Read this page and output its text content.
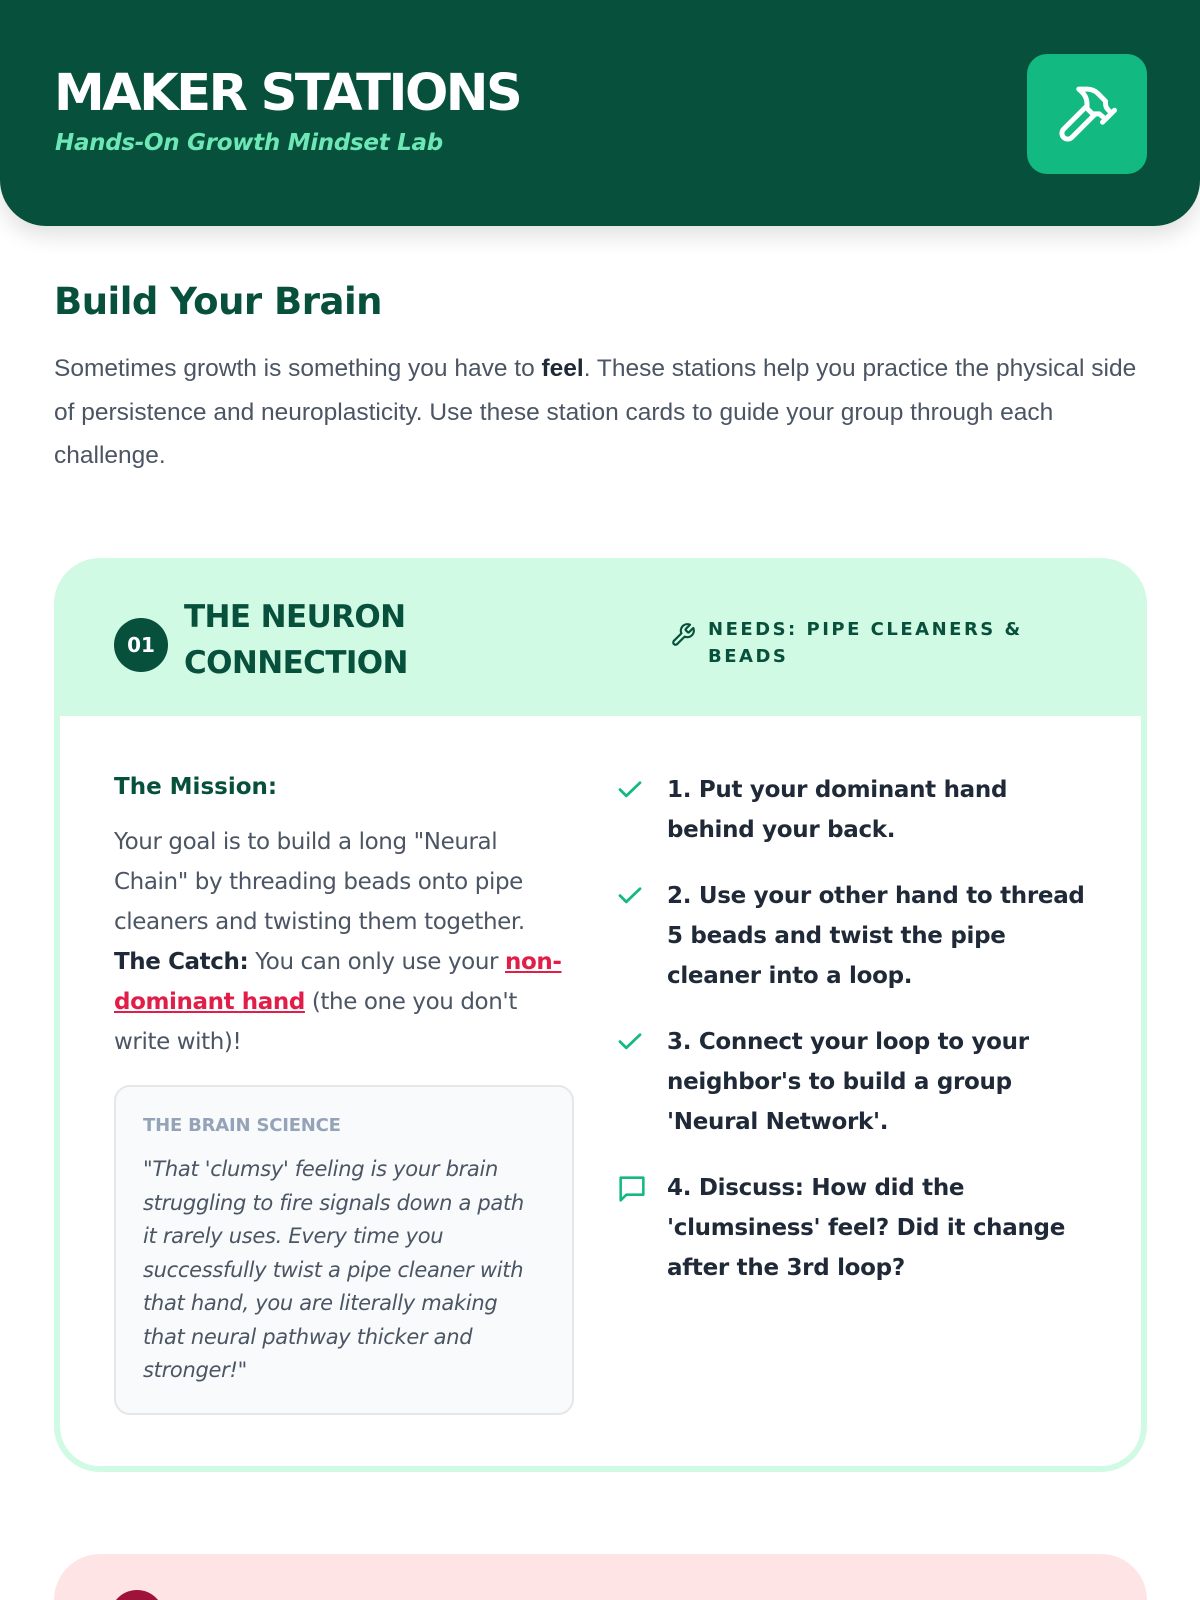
MAKER STATIONS
Hands-On Growth Mindset Lab
Build Your Brain

Sometimes growth is something you have to feel. These stations help you practice the physical side of persistence and neuroplasticity. Use these station cards to guide your group through each challenge.

01
THE NEURON CONNECTION
NEEDS: PIPE CLEANERS & BEADS
The Mission:

Your goal is to build a long "Neural Chain" by threading beads onto pipe cleaners and twisting them together. The Catch: You can only use your non-dominant hand (the one you don't write with)!

THE BRAIN SCIENCE

"That 'clumsy' feeling is your brain struggling to fire signals down a path it rarely uses. Every time you successfully twist a pipe cleaner with that hand, you are literally making that neural pathway thicker and stronger!"

1. Put your dominant hand behind your back.
2. Use your other hand to thread 5 beads and twist the pipe cleaner into a loop.
3. Connect your loop to your neighbor's to build a group 'Neural Network'.
4. Discuss: How did the 'clumsiness' feel? Did it change after the 3rd loop?
